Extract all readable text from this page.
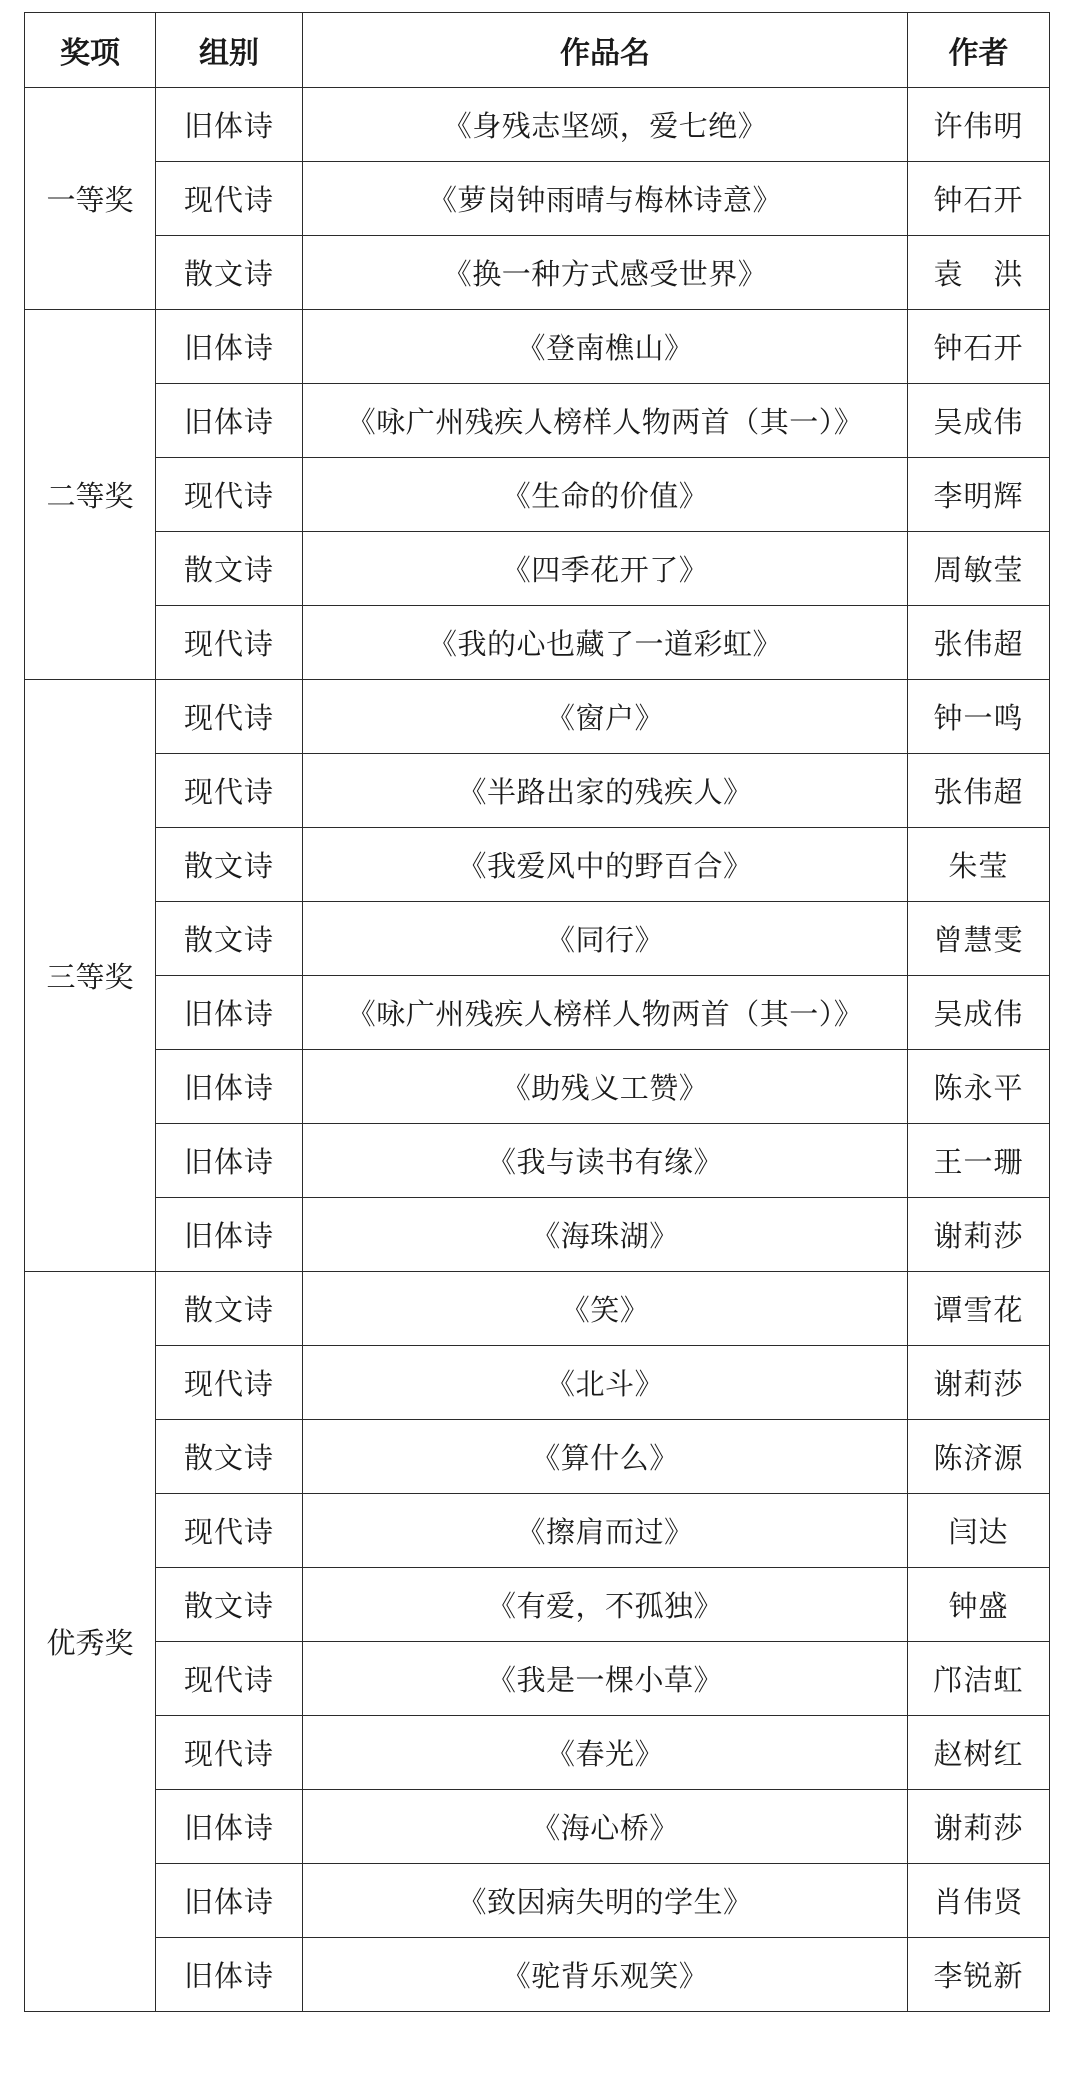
奖项	组别	作品名	作者
一等奖	旧体诗	《身残志坚颂，爱七绝》	许伟明
	现代诗	《萝岗钟雨晴与梅林诗意》	钟石开
	散文诗	《换一种方式感受世界》	袁　洪
二等奖	旧体诗	《登南樵山》	钟石开
	旧体诗	《咏广州残疾人榜样人物两首（其一）》	吴成伟
	现代诗	《生命的价值》	李明辉
	散文诗	《四季花开了》	周敏莹
	现代诗	《我的心也藏了一道彩虹》	张伟超
三等奖	现代诗	《窗户》	钟一鸣
	现代诗	《半路出家的残疾人》	张伟超
	散文诗	《我爱风中的野百合》	朱莹
	散文诗	《同行》	曾慧雯
	旧体诗	《咏广州残疾人榜样人物两首（其一）》	吴成伟
	旧体诗	《助残义工赞》	陈永平
	旧体诗	《我与读书有缘》	王一珊
	旧体诗	《海珠湖》	谢莉莎
优秀奖	散文诗	《笑》	谭雪花
	现代诗	《北斗》	谢莉莎
	散文诗	《算什么》	陈济源
	现代诗	《擦肩而过》	闫达
	散文诗	《有爱，不孤独》	钟盛
	现代诗	《我是一棵小草》	邝洁虹
	现代诗	《春光》	赵树红
	旧体诗	《海心桥》	谢莉莎
	旧体诗	《致因病失明的学生》	肖伟贤
	旧体诗	《驼背乐观笑》	李锐新
